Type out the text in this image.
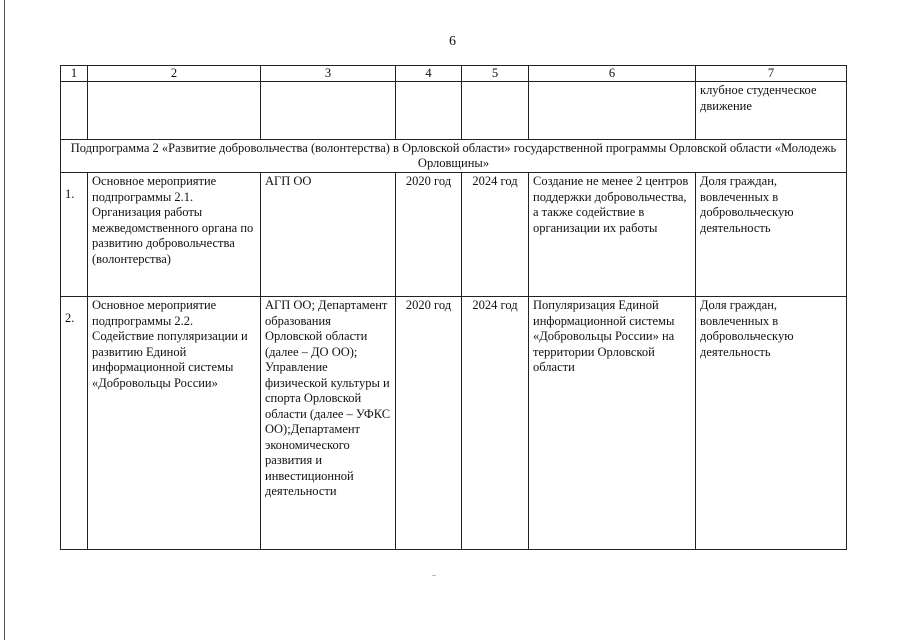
6
1	2	3	4	5	6	7
						клубное студенческое движение
Подпрограмма 2 «Развитие добровольчества (волонтерства) в Орловской области» государственной программы Орловской области «Молодежь Орловщины»						
1.	Основное мероприятие подпрограммы 2.1. Организация работы межведомственного органа по развитию добровольчества (волонтерства)	АГП ОО	2020 год	2024 год	Создание не менее 2 центров поддержки добровольчества, а также содействие в организации их работы	Доля граждан, вовлеченных в добровольческую деятельность
2.	Основное мероприятие подпрограммы 2.2. Содействие популяризации и развитию Единой информационной системы «Добровольцы России»	АГП ОО; Департамент образования Орловской области (далее – ДО ОО); Управление физической культуры и спорта Орловской области (далее – УФКС ОО);Департамент экономического развития и инвестиционной деятельности	2020 год	2024 год	Популяризация Единой информационной системы «Добровольцы России» на территории Орловской области	Доля граждан, вовлеченных в добровольческую деятельность
